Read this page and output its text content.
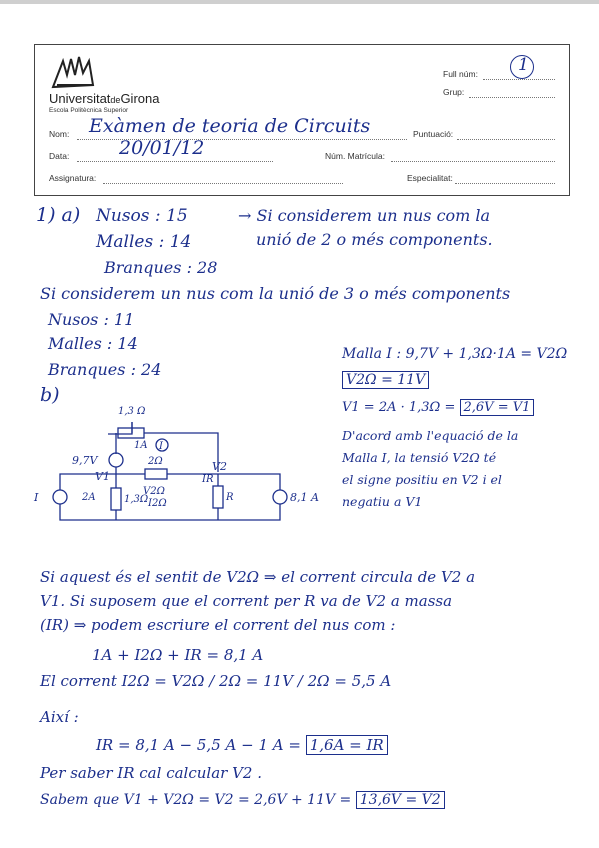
UniversitatdeGirona
Escola Politècnica Superior
Full núm: 1
Grup:
Nom: Exàmen de teoria de Circuits	Puntuació:
Data:	20/01/12	Núm. Matrícula:
Assignatura:	Especialitat:
1) a) Nusos : 15	→ Si considerem un nus com la
Malles : 14	unió de 2 o més components.
Branques : 28
Si considerem un nus com la unió de 3 o més components
Nusos : 11
Malles : 14
Branques : 24
b)
Malla I : 9,7V + 1,3Ω·1A = V2Ω
V2Ω = 11V
V1 = 2A · 1,3Ω = 2,6V = V1
D'acord amb l'equació de la
Malla I, la tensió V2Ω té
el signe positiu en V2 i el
negatiu a V1
1,3 Ω
1A I
9,7V
V1
2Ω	V2
V2Ω
I2Ω
R
IR
8,1 A
I	2A	1,3Ω
Si aquest és el sentit de V2Ω ⇒ el corrent circula de V2 a
V1. Si suposem que el corrent per R va de V2 a massa
(IR) ⇒ podem escriure el corrent del nus com :
1A + I2Ω + IR = 8,1 A
El corrent I2Ω = V2Ω / 2Ω = 11V / 2Ω = 5,5 A
Així :
IR = 8,1 A − 5,5 A − 1 A = 1,6A = IR
Per saber IR cal calcular V2 .
Sabem que V1 + V2Ω = V2 = 2,6V + 11V = 13,6V = V2
